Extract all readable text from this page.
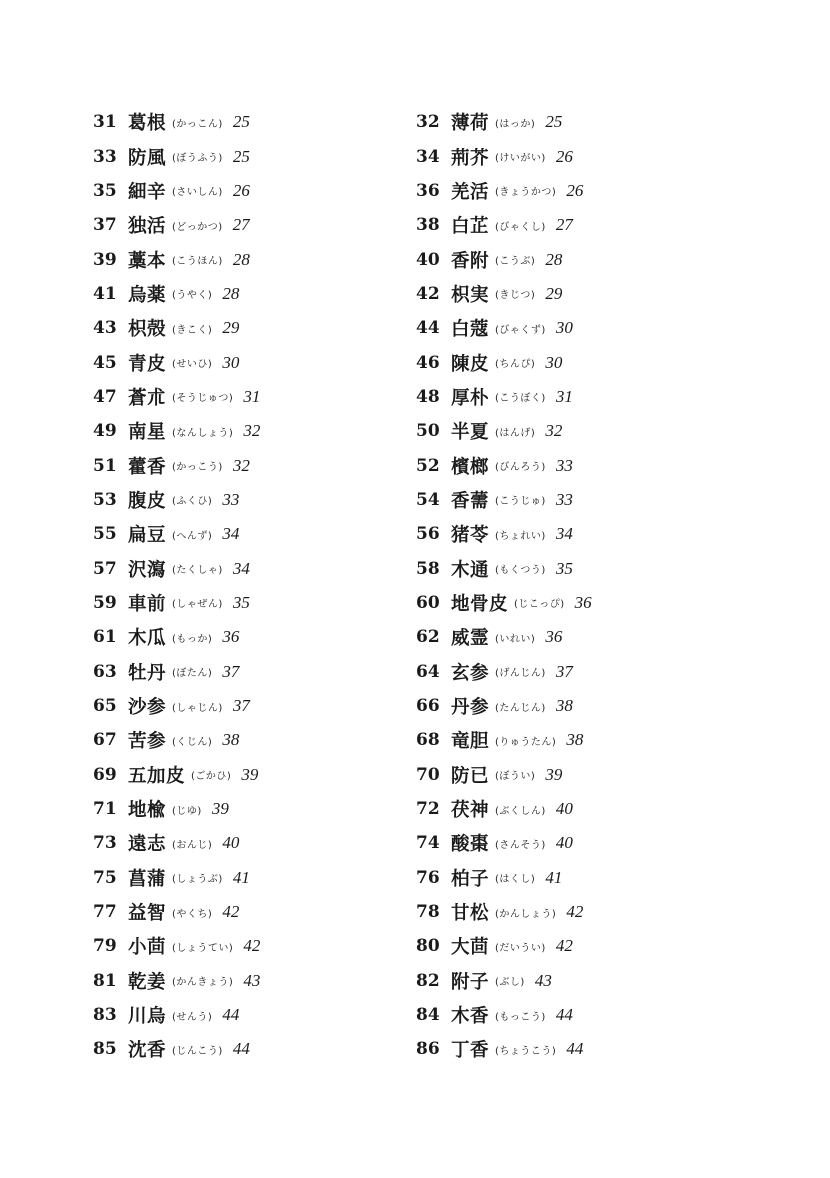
31 葛根 (かっこん) 25
33 防風 (ぼうふう) 25
35 細辛 (さいしん) 26
37 独活 (どっかつ) 27
39 藁本 (こうほん) 28
41 烏薬 (うやく) 28
43 枳殻 (きこく) 29
45 青皮 (せいひ) 30
47 蒼朮 (そうじゅつ) 31
49 南星 (なんしょう) 32
51 藿香 (かっこう) 32
53 腹皮 (ふくひ) 33
55 扁豆 (へんず) 34
57 沢瀉 (たくしゃ) 34
59 車前 (しゃぜん) 35
61 木瓜 (もっか) 36
63 牡丹 (ぼたん) 37
65 沙参 (しゃじん) 37
67 苦参 (くじん) 38
69 五加皮 (ごかひ) 39
71 地楡 (じゆ) 39
73 遠志 (おんじ) 40
75 菖蒲 (しょうぶ) 41
77 益智 (やくち) 42
79 小茴 (しょうてい) 42
81 乾姜 (かんきょう) 43
83 川烏 (せんう) 44
85 沈香 (じんこう) 44
32 薄荷 (はっか) 25
34 荊芥 (けいがい) 26
36 羌活 (きょうかつ) 26
38 白芷 (びゃくし) 27
40 香附 (こうぶ) 28
42 枳実 (きじつ) 29
44 白蔻 (びゃくず) 30
46 陳皮 (ちんぴ) 30
48 厚朴 (こうぼく) 31
50 半夏 (はんげ) 32
52 檳榔 (びんろう) 33
54 香薷 (こうじゅ) 33
56 猪苓 (ちょれい) 34
58 木通 (もくつう) 35
60 地骨皮 (じこっぴ) 36
62 威霊 (いれい) 36
64 玄参 (げんじん) 37
66 丹参 (たんじん) 38
68 竜胆 (りゅうたん) 38
70 防已 (ぼうい) 39
72 茯神 (ぶくしん) 40
74 酸棗 (さんそう) 40
76 柏子 (はくし) 41
78 甘松 (かんしょう) 42
80 大茴 (だいうい) 42
82 附子 (ぶし) 43
84 木香 (もっこう) 44
86 丁香 (ちょうこう) 44
